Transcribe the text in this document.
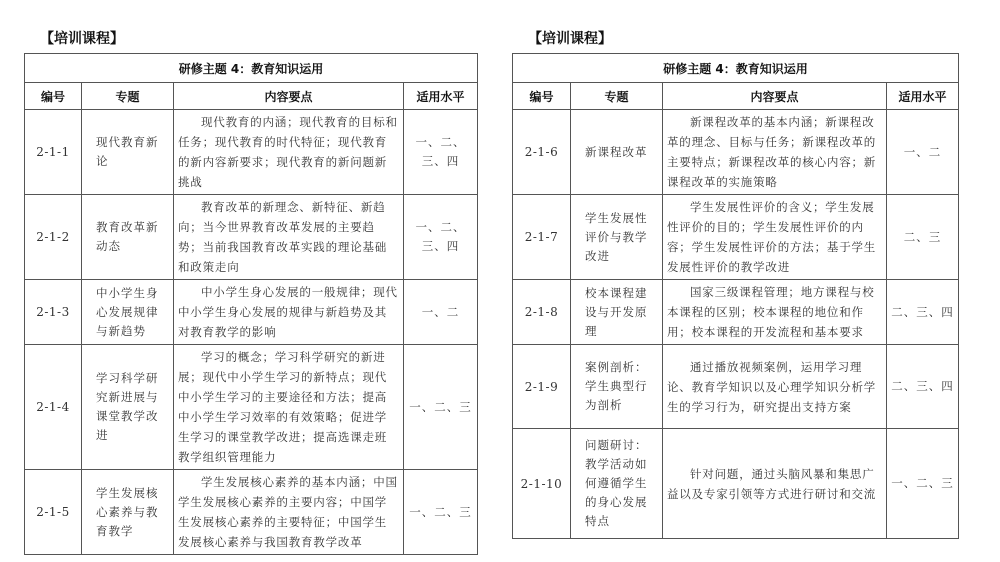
【培训课程】
研修主题 4：教育知识运用			
编号	专题	内容要点	适用水平
2-1-1	现代教育新论	现代教育的内涵；现代教育的目标和任务；现代教育的时代特征；现代教育的新内容新要求；现代教育的新问题新挑战	一、二、三、四
2-1-2	教育改革新动态	教育改革的新理念、新特征、新趋向；当今世界教育改革发展的主要趋势；当前我国教育改革实践的理论基础和政策走向	一、二、三、四
2-1-3	中小学生身心发展规律与新趋势	中小学生身心发展的一般规律；现代中小学生身心发展的规律与新趋势及其对教育教学的影响	一、二
2-1-4	学习科学研究新进展与课堂教学改进	学习的概念；学习科学研究的新进展；现代中小学生学习的新特点；现代中小学生学习的主要途径和方法；提高中小学生学习效率的有效策略；促进学生学习的课堂教学改进；提高选课走班教学组织管理能力	一、二、三
2-1-5	学生发展核心素养与教育教学	学生发展核心素养的基本内涵；中国学生发展核心素养的主要内容；中国学生发展核心素养的主要特征；中国学生发展核心素养与我国教育教学改革	一、二、三
【培训课程】
研修主题 4：教育知识运用			
编号	专题	内容要点	适用水平
2-1-6	新课程改革	新课程改革的基本内涵；新课程改革的理念、目标与任务；新课程改革的主要特点；新课程改革的核心内容；新课程改革的实施策略	一、二
2-1-7	学生发展性评价与教学改进	学生发展性评价的含义；学生发展性评价的目的；学生发展性评价的内容；学生发展性评价的方法；基于学生发展性评价的教学改进	二、三
2-1-8	校本课程建设与开发原理	国家三级课程管理；地方课程与校本课程的区别；校本课程的地位和作用；校本课程的开发流程和基本要求	二、三、四
2-1-9	案例剖析：学生典型行为剖析	通过播放视频案例，运用学习理论、教育学知识以及心理学知识分析学生的学习行为，研究提出支持方案	二、三、四
2-1-10	问题研讨：教学活动如何遵循学生的身心发展特点	针对问题，通过头脑风暴和集思广益以及专家引领等方式进行研讨和交流	一、二、三
